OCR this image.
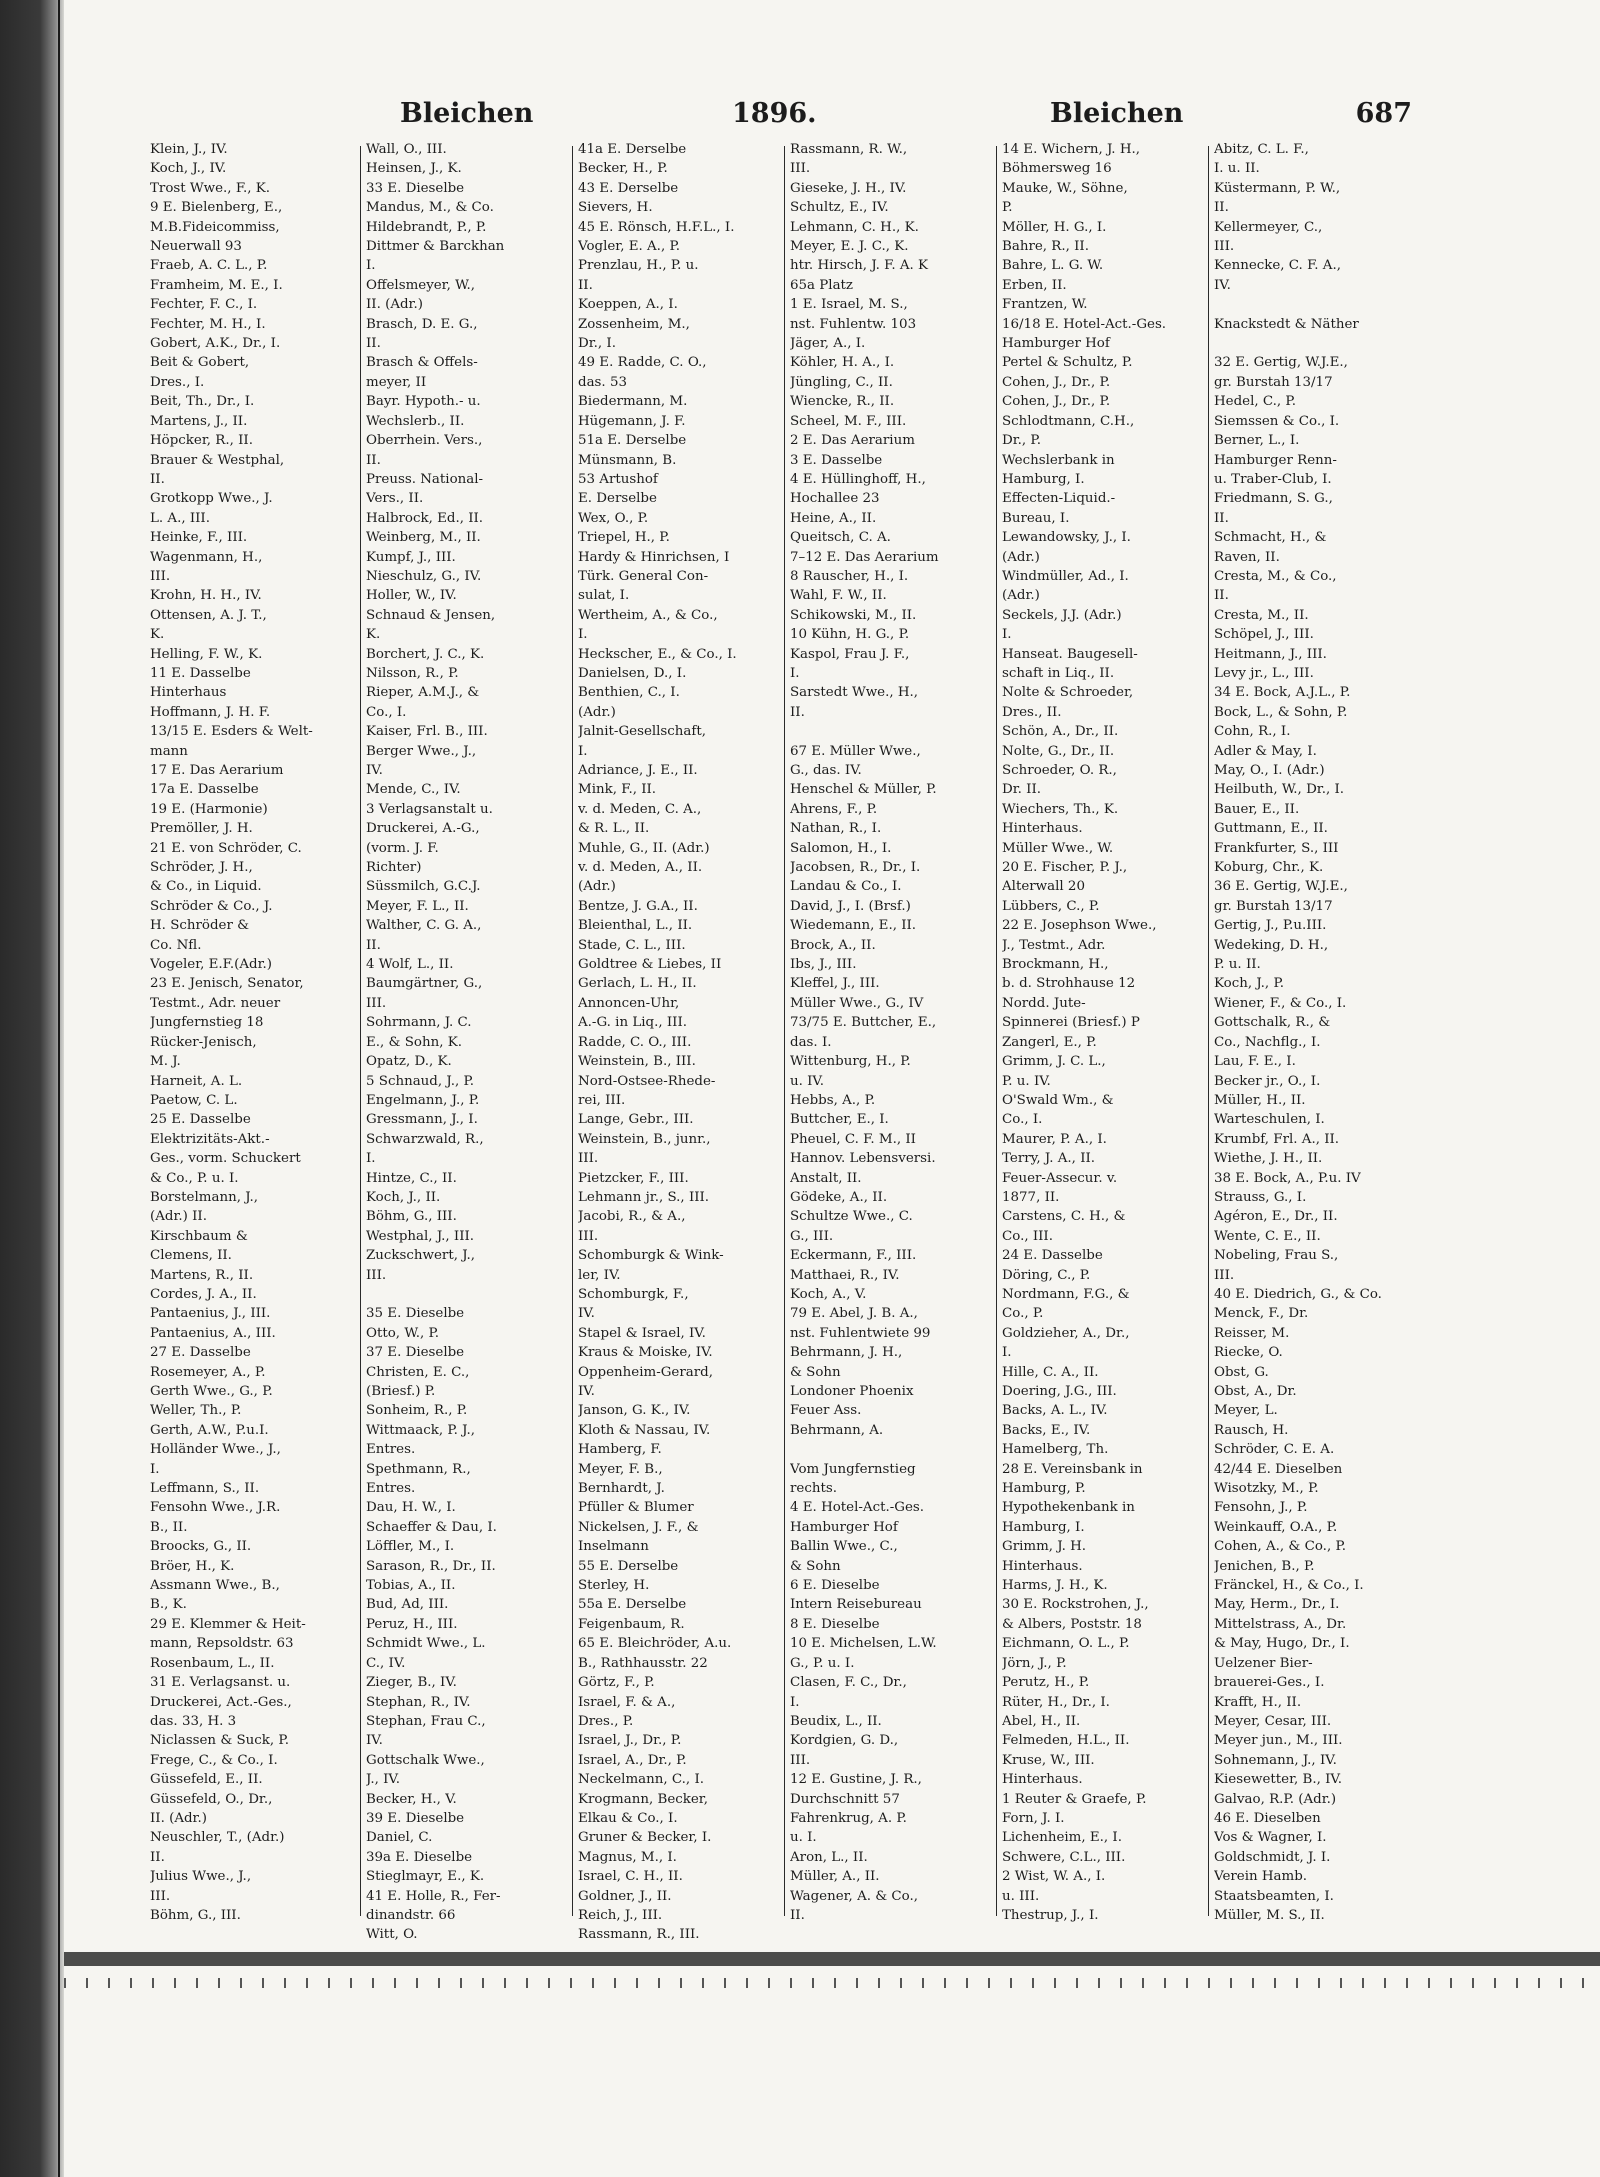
Bleichen	1896.	Bleichen	687
Klein, J., IV.
Koch, J., IV.
Trost Wwe., F., K.
9 E. Bielenberg, E.,
M.B.Fideicommiss,
Neuerwall 93
Fraeb, A. C. L., P.
Framheim, M. E., I.
Fechter, F. C., I.
Fechter, M. H., I.
Gobert, A.K., Dr., I.
Beit & Gobert,
Dres., I.
Beit, Th., Dr., I.
Martens, J., II.
Höpcker, R., II.
Brauer & Westphal,
II.
Grotkopp Wwe., J.
L. A., III.
Heinke, F., III.
Wagenmann, H.,
III.
Krohn, H. H., IV.
Ottensen, A. J. T.,
K.
Helling, F. W., K.
11 E. Dasselbe
Hinterhaus
Hoffmann, J. H. F.
13/15 E. Esders & Welt-
mann
17 E. Das Aerarium
17a E. Dasselbe
19 E. (Harmonie)
Premöller, J. H.
21 E. von Schröder, C.
Schröder, J. H.,
& Co., in Liquid.
Schröder & Co., J.
H. Schröder &
Co. Nfl.
Vogeler, E.F.(Adr.)
23 E. Jenisch, Senator,
Testmt., Adr. neuer
Jungfernstieg 18
Rücker-Jenisch,
M. J.
Harneit, A. L.
Paetow, C. L.
25 E. Dasselbe
Elektrizitäts-Akt.-
Ges., vorm. Schuckert
& Co., P. u. I.
Borstelmann, J.,
(Adr.) II.
Kirschbaum &
Clemens, II.
Martens, R., II.
Cordes, J. A., II.
Pantaenius, J., III.
Pantaenius, A., III.
27 E. Dasselbe
Rosemeyer, A., P.
Gerth Wwe., G., P.
Weller, Th., P.
Gerth, A.W., P.u.I.
Holländer Wwe., J.,
I.
Leffmann, S., II.
Fensohn Wwe., J.R.
B., II.
Broocks, G., II.
Bröer, H., K.
Assmann Wwe., B.,
B., K.
29 E. Klemmer & Heit-
mann, Repsoldstr. 63
Rosenbaum, L., II.
31 E. Verlagsanst. u.
Druckerei, Act.-Ges.,
das. 33, H. 3
Niclassen & Suck, P.
Frege, C., & Co., I.
Güssefeld, E., II.
Güssefeld, O., Dr.,
II. (Adr.)
Neuschler, T., (Adr.)
II.
Julius Wwe., J.,
III.
Böhm, G., III.
Wall, O., III.
Heinsen, J., K.
33 E. Dieselbe
Mandus, M., & Co.
Hildebrandt, P., P.
Dittmer & Barckhan
I.
Offelsmeyer, W.,
II. (Adr.)
Brasch, D. E. G.,
II.
Brasch & Offels-
meyer, II
Bayr. Hypoth.- u.
Wechslerb., II.
Oberrhein. Vers.,
II.
Preuss. National-
Vers., II.
Halbrock, Ed., II.
Weinberg, M., II.
Kumpf, J., III.
Nieschulz, G., IV.
Holler, W., IV.
Schnaud & Jensen,
K.
Borchert, J. C., K.
Nilsson, R., P.
Rieper, A.M.J., &
Co., I.
Kaiser, Frl. B., III.
Berger Wwe., J.,
IV.
Mende, C., IV.
3 Verlagsanstalt u.
Druckerei, A.-G.,
(vorm. J. F.
Richter)
Süssmilch, G.C.J.
Meyer, F. L., II.
Walther, C. G. A.,
II.
4 Wolf, L., II.
Baumgärtner, G.,
III.
Sohrmann, J. C.
E., & Sohn, K.
Opatz, D., K.
5 Schnaud, J., P.
Engelmann, J., P.
Gressmann, J., I.
Schwarzwald, R.,
I.
Hintze, C., II.
Koch, J., II.
Böhm, G., III.
Westphal, J., III.
Zuckschwert, J.,
III.

35 E. Dieselbe
Otto, W., P.
37 E. Dieselbe
Christen, E. C.,
(Briesf.) P.
Sonheim, R., P.
Wittmaack, P. J.,
Entres.
Spethmann, R.,
Entres.
Dau, H. W., I.
Schaeffer & Dau, I.
Löffler, M., I.
Sarason, R., Dr., II.
Tobias, A., II.
Bud, Ad, III.
Peruz, H., III.
Schmidt Wwe., L.
C., IV.
Zieger, B., IV.
Stephan, R., IV.
Stephan, Frau C.,
IV.
Gottschalk Wwe.,
J., IV.
Becker, H., V.
39 E. Dieselbe
Daniel, C.
39a E. Dieselbe
Stieglmayr, E., K.
41 E. Holle, R., Fer-
dinandstr. 66
Witt, O.
41a E. Derselbe
Becker, H., P.
43 E. Derselbe
Sievers, H.
45 E. Rönsch, H.F.L., I.
Vogler, E. A., P.
Prenzlau, H., P. u.
II.
Koeppen, A., I.
Zossenheim, M.,
Dr., I.
49 E. Radde, C. O.,
das. 53
Biedermann, M.
Hügemann, J. F.
51a E. Derselbe
Münsmann, B.
53 Artushof
E. Derselbe
Wex, O., P.
Triepel, H., P.
Hardy & Hinrichsen, I
Türk. General Con-
sulat, I.
Wertheim, A., & Co.,
I.
Heckscher, E., & Co., I.
Danielsen, D., I.
Benthien, C., I.
(Adr.)
Jalnit-Gesellschaft,
I.
Adriance, J. E., II.
Mink, F., II.
v. d. Meden, C. A.,
& R. L., II.
Muhle, G., II. (Adr.)
v. d. Meden, A., II.
(Adr.)
Bentze, J. G.A., II.
Bleienthal, L., II.
Stade, C. L., III.
Goldtree & Liebes, II
Gerlach, L. H., II.
Annoncen-Uhr,
A.-G. in Liq., III.
Radde, C. O., III.
Weinstein, B., III.
Nord-Ostsee-Rhede-
rei, III.
Lange, Gebr., III.
Weinstein, B., junr.,
III.
Pietzcker, F., III.
Lehmann jr., S., III.
Jacobi, R., & A.,
III.
Schomburgk & Wink-
ler, IV.
Schomburgk, F.,
IV.
Stapel & Israel, IV.
Kraus & Moiske, IV.
Oppenheim-Gerard,
IV.
Janson, G. K., IV.
Kloth & Nassau, IV.
Hamberg, F.
Meyer, F. B.,
Bernhardt, J.
Pfüller & Blumer
Nickelsen, J. F., &
Inselmann
55 E. Derselbe
Sterley, H.
55a E. Derselbe
Feigenbaum, R.
65 E. Bleichröder, A.u.
B., Rathhausstr. 22
Görtz, F., P.
Israel, F. & A.,
Dres., P.
Israel, J., Dr., P.
Israel, A., Dr., P.
Neckelmann, C., I.
Krogmann, Becker,
Elkau & Co., I.
Gruner & Becker, I.
Magnus, M., I.
Israel, C. H., II.
Goldner, J., II.
Reich, J., III.
Rassmann, R., III.
Rassmann, R. W.,
III.
Gieseke, J. H., IV.
Schultz, E., IV.
Lehmann, C. H., K.
Meyer, E. J. C., K.
htr. Hirsch, J. F. A. K
65a Platz
1 E. Israel, M. S.,
nst. Fuhlentw. 103
Jäger, A., I.
Köhler, H. A., I.
Jüngling, C., II.
Wiencke, R., II.
Scheel, M. F., III.
2 E. Das Aerarium
3 E. Dasselbe
4 E. Hüllinghoff, H.,
Hochallee 23
Heine, A., II.
Queitsch, C. A.
7–12 E. Das Aerarium
8 Rauscher, H., I.
Wahl, F. W., II.
Schikowski, M., II.
10 Kühn, H. G., P.
Kaspol, Frau J. F.,
I.
Sarstedt Wwe., H.,
II.

67 E. Müller Wwe.,
G., das. IV.
Henschel & Müller, P.
Ahrens, F., P.
Nathan, R., I.
Salomon, H., I.
Jacobsen, R., Dr., I.
Landau & Co., I.
David, J., I. (Brsf.)
Wiedemann, E., II.
Brock, A., II.
Ibs, J., III.
Kleffel, J., III.
Müller Wwe., G., IV
73/75 E. Buttcher, E.,
das. I.
Wittenburg, H., P.
u. IV.
Hebbs, A., P.
Buttcher, E., I.
Pheuel, C. F. M., II
Hannov. Lebensversi.
Anstalt, II.
Gödeke, A., II.
Schultze Wwe., C.
G., III.
Eckermann, F., III.
Matthaei, R., IV.
Koch, A., V.
79 E. Abel, J. B. A.,
nst. Fuhlentwiete 99
Behrmann, J. H.,
& Sohn
Londoner Phoenix
Feuer Ass.
Behrmann, A.

Vom Jungfernstieg
rechts.
4 E. Hotel-Act.-Ges.
Hamburger Hof
Ballin Wwe., C.,
& Sohn
6 E. Dieselbe
Intern Reisebureau
8 E. Dieselbe
10 E. Michelsen, L.W.
G., P. u. I.
Clasen, F. C., Dr.,
I.
Beudix, L., II.
Kordgien, G. D.,
III.
12 E. Gustine, J. R.,
Durchschnitt 57
Fahrenkrug, A. P.
u. I.
Aron, L., II.
Müller, A., II.
Wagener, A. & Co.,
II.
14 E. Wichern, J. H.,
Böhmersweg 16
Mauke, W., Söhne,
P.
Möller, H. G., I.
Bahre, R., II.
Bahre, L. G. W.
Erben, II.
Frantzen, W.
16/18 E. Hotel-Act.-Ges.
Hamburger Hof
Pertel & Schultz, P.
Cohen, J., Dr., P.
Cohen, J., Dr., P.
Schlodtmann, C.H.,
Dr., P.
Wechslerbank in
Hamburg, I.
Effecten-Liquid.-
Bureau, I.
Lewandowsky, J., I.
(Adr.)
Windmüller, Ad., I.
(Adr.)
Seckels, J.J. (Adr.)
I.
Hanseat. Baugesell-
schaft in Liq., II.
Nolte & Schroeder,
Dres., II.
Schön, A., Dr., II.
Nolte, G., Dr., II.
Schroeder, O. R.,
Dr. II.
Wiechers, Th., K.
Hinterhaus.
Müller Wwe., W.
20 E. Fischer, P. J.,
Alterwall 20
Lübbers, C., P.
22 E. Josephson Wwe.,
J., Testmt., Adr.
Brockmann, H.,
b. d. Strohhause 12
Nordd. Jute-
Spinnerei (Briesf.) P
Zangerl, E., P.
Grimm, J. C. L.,
P. u. IV.
O'Swald Wm., &
Co., I.
Maurer, P. A., I.
Terry, J. A., II.
Feuer-Assecur. v.
1877, II.
Carstens, C. H., &
Co., III.
24 E. Dasselbe
Döring, C., P.
Nordmann, F.G., &
Co., P.
Goldzieher, A., Dr.,
I.
Hille, C. A., II.
Doering, J.G., III.
Backs, A. L., IV.
Backs, E., IV.
Hamelberg, Th.
28 E. Vereinsbank in
Hamburg, P.
Hypothekenbank in
Hamburg, I.
Grimm, J. H.
Hinterhaus.
Harms, J. H., K.
30 E. Rockstrohen, J.,
& Albers, Poststr. 18
Eichmann, O. L., P.
Jörn, J., P.
Perutz, H., P.
Rüter, H., Dr., I.
Abel, H., II.
Felmeden, H.L., II.
Kruse, W., III.
Hinterhaus.
1 Reuter & Graefe, P.
Forn, J. I.
Lichenheim, E., I.
Schwere, C.L., III.
2 Wist, W. A., I.
u. III.
Thestrup, J., I.
Abitz, C. L. F.,
I. u. II.
Küstermann, P. W.,
II.
Kellermeyer, C.,
III.
Kennecke, C. F. A.,
IV.

Knackstedt & Näther

32 E. Gertig, W.J.E.,
gr. Burstah 13/17
Hedel, C., P.
Siemssen & Co., I.
Berner, L., I.
Hamburger Renn-
u. Traber-Club, I.
Friedmann, S. G.,
II.
Schmacht, H., &
Raven, II.
Cresta, M., & Co.,
II.
Cresta, M., II.
Schöpel, J., III.
Heitmann, J., III.
Levy jr., L., III.
34 E. Bock, A.J.L., P.
Bock, L., & Sohn, P.
Cohn, R., I.
Adler & May, I.
May, O., I. (Adr.)
Heilbuth, W., Dr., I.
Bauer, E., II.
Guttmann, E., II.
Frankfurter, S., III
Koburg, Chr., K.
36 E. Gertig, W.J.E.,
gr. Burstah 13/17
Gertig, J., P.u.III.
Wedeking, D. H.,
P. u. II.
Koch, J., P.
Wiener, F., & Co., I.
Gottschalk, R., &
Co., Nachflg., I.
Lau, F. E., I.
Becker jr., O., I.
Müller, H., II.
Warteschulen, I.
Krumbf, Frl. A., II.
Wiethe, J. H., II.
38 E. Bock, A., P.u. IV
Strauss, G., I.
Agéron, E., Dr., II.
Wente, C. E., II.
Nobeling, Frau S.,
III.
40 E. Diedrich, G., & Co.
Menck, F., Dr.
Reisser, M.
Riecke, O.
Obst, G.
Obst, A., Dr.
Meyer, L.
Rausch, H.
Schröder, C. E. A.
42/44 E. Dieselben
Wisotzky, M., P.
Fensohn, J., P.
Weinkauff, O.A., P.
Cohen, A., & Co., P.
Jenichen, B., P.
Fränckel, H., & Co., I.
May, Herm., Dr., I.
Mittelstrass, A., Dr.
& May, Hugo, Dr., I.
Uelzener Bier-
brauerei-Ges., I.
Krafft, H., II.
Meyer, Cesar, III.
Meyer jun., M., III.
Sohnemann, J., IV.
Kiesewetter, B., IV.
Galvao, R.P. (Adr.)
46 E. Dieselben
Vos & Wagner, I.
Goldschmidt, J. I.
Verein Hamb.
Staatsbeamten, I.
Müller, M. S., II.
